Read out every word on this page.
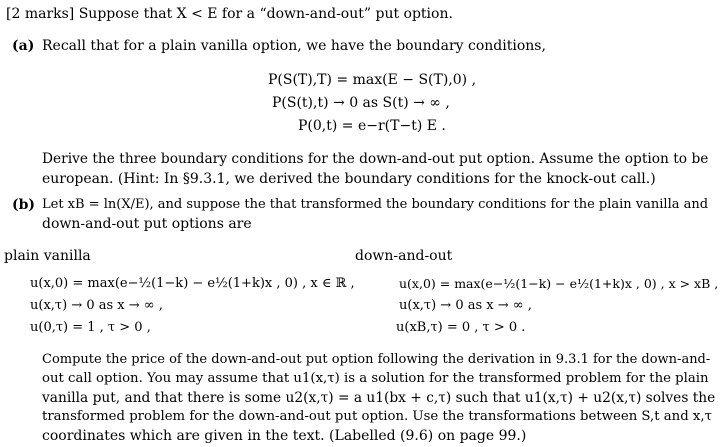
[2 marks] Suppose that X < E for a “down-and-out” put option.
(a) Recall that for a plain vanilla option, we have the boundary conditions,
P(S(T),T) = max(E − S(T),0) ,
P(S(t),t) → 0 as S(t) → ∞ ,
P(0,t) = e−r(T−t) E .
Derive the three boundary conditions for the down-and-out put option. Assume the option to be
european. (Hint: In §9.3.1, we derived the boundary conditions for the knock-out call.)
(b) Let xB = ln(X/E), and suppose the that transformed the boundary conditions for the plain vanilla and
down-and-out put options are
plain vanilla	down-and-out
u(x,0) = max(e−½(1−k) − e½(1+k)x , 0) , x ∈ ℝ ,
u(x,τ) → 0 as x → ∞ ,
u(0,τ) = 1 , τ > 0 ,
u(x,0) = max(e−½(1−k) − e½(1+k)x , 0) , x > xB ,
u(x,τ) → 0 as x → ∞ ,
u(xB,τ) = 0 , τ > 0 .
Compute the price of the down-and-out put option following the derivation in 9.3.1 for the down-and-
out call option. You may assume that u1(x,τ) is a solution for the transformed problem for the plain
vanilla put, and that there is some u2(x,τ) = a u1(bx + c,τ) such that u1(x,τ) + u2(x,τ) solves the
transformed problem for the down-and-out put option. Use the transformations between S,t and x,τ
coordinates which are given in the text. (Labelled (9.6) on page 99.)
